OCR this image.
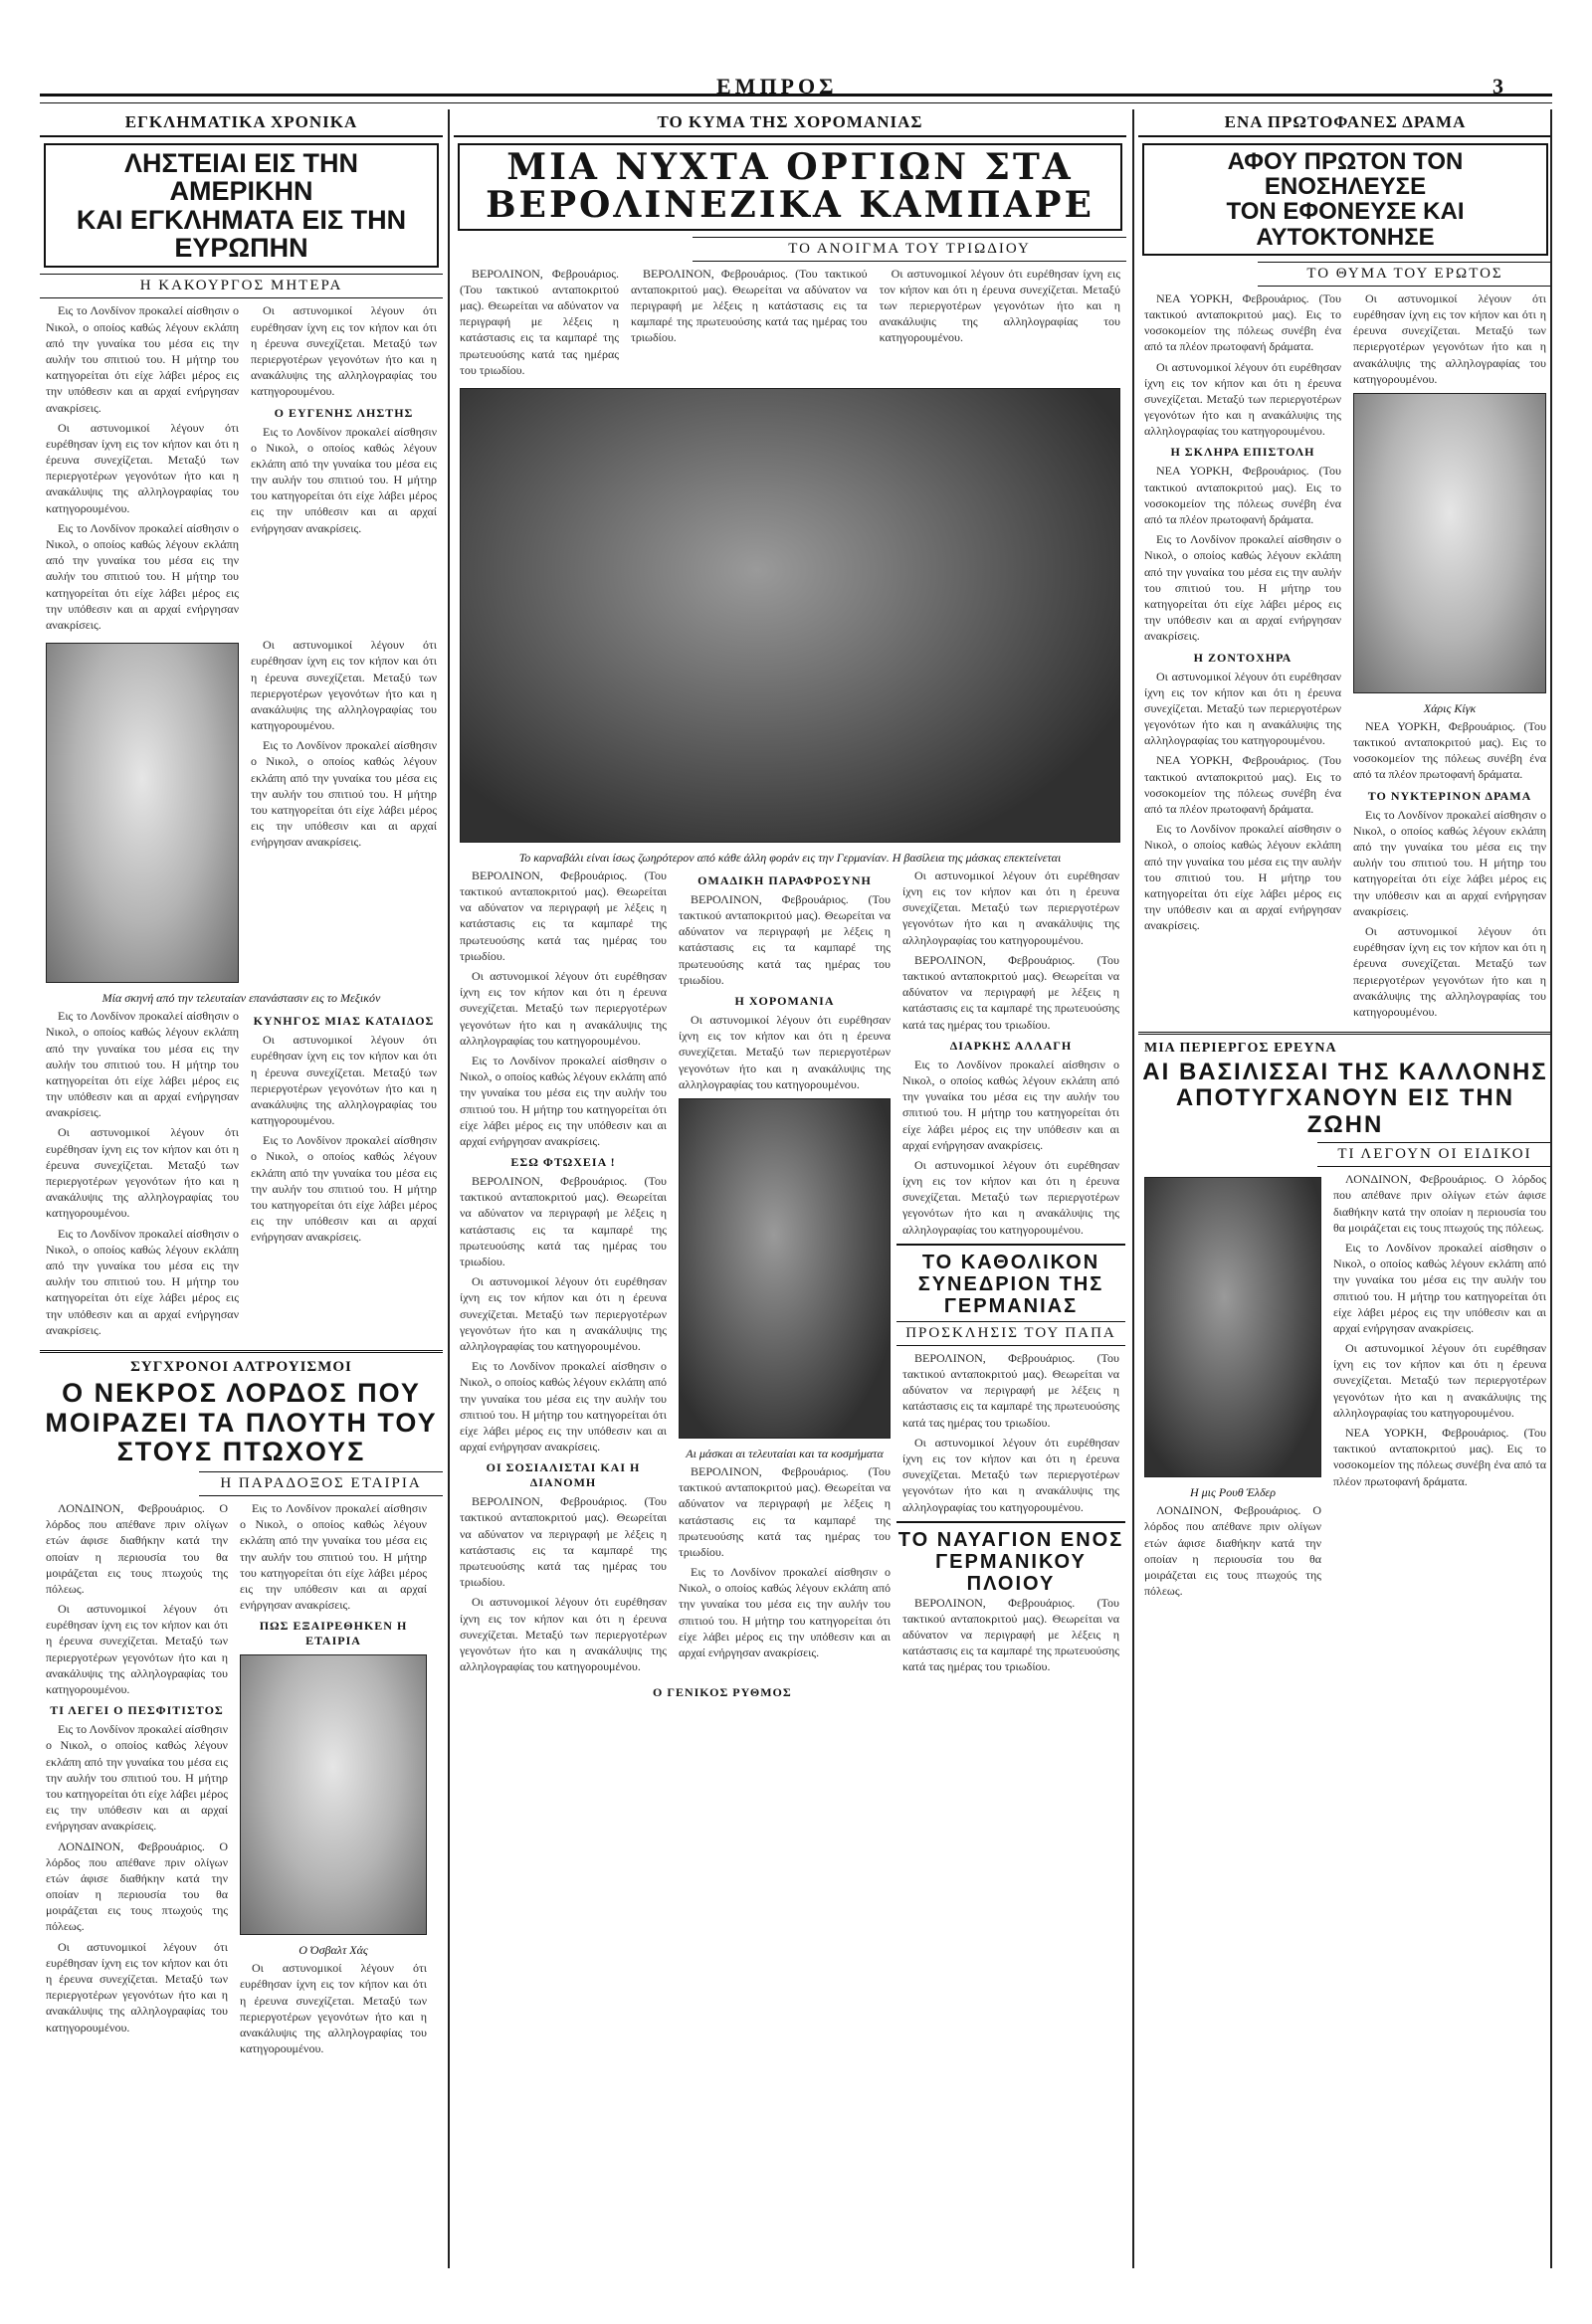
ΕΜΠΡΟΣ	3
ΕΓΚΛΗΜΑΤΙΚΑ ΧΡΟΝΙΚΑ
ΛΗΣΤΕΙΑΙ ΕΙΣ ΤΗΝ ΑΜΕΡΙΚΗΝ
ΚΑΙ ΕΓΚΛΗΜΑΤΑ ΕΙΣ ΤΗΝ ΕΥΡΩΠΗΝ
Η ΚΑΚΟΥΡΓΟΣ ΜΗΤΕΡΑ

Εις το Λονδίνον προκαλεί αίσθησιν ο Νικολ, ο οποίος καθώς λέγουν εκλάπη από την γυναίκα του μέσα εις την αυλήν του σπιτιού του. Η μήτηρ του κατηγορείται ότι είχε λάβει μέρος εις την υπόθεσιν και αι αρχαί ενήργησαν ανακρίσεις.

Οι αστυνομικοί λέγουν ότι ευρέθησαν ίχνη εις τον κήπον και ότι η έρευνα συνεχίζεται. Μεταξύ των περιεργοτέρων γεγονότων ήτο και η ανακάλυψις της αλληλογραφίας του κατηγορουμένου.

Εις το Λονδίνον προκαλεί αίσθησιν ο Νικολ, ο οποίος καθώς λέγουν εκλάπη από την γυναίκα του μέσα εις την αυλήν του σπιτιού του. Η μήτηρ του κατηγορείται ότι είχε λάβει μέρος εις την υπόθεσιν και αι αρχαί ενήργησαν ανακρίσεις.

Οι αστυνομικοί λέγουν ότι ευρέθησαν ίχνη εις τον κήπον και ότι η έρευνα συνεχίζεται. Μεταξύ των περιεργοτέρων γεγονότων ήτο και η ανακάλυψις της αλληλογραφίας του κατηγορουμένου.

Ο ΕΥΓΕΝΗΣ ΛΗΣΤΗΣ

Εις το Λονδίνον προκαλεί αίσθησιν ο Νικολ, ο οποίος καθώς λέγουν εκλάπη από την γυναίκα του μέσα εις την αυλήν του σπιτιού του. Η μήτηρ του κατηγορείται ότι είχε λάβει μέρος εις την υπόθεσιν και αι αρχαί ενήργησαν ανακρίσεις.

Οι αστυνομικοί λέγουν ότι ευρέθησαν ίχνη εις τον κήπον και ότι η έρευνα συνεχίζεται. Μεταξύ των περιεργοτέρων γεγονότων ήτο και η ανακάλυψις της αλληλογραφίας του κατηγορουμένου.

Εις το Λονδίνον προκαλεί αίσθησιν ο Νικολ, ο οποίος καθώς λέγουν εκλάπη από την γυναίκα του μέσα εις την αυλήν του σπιτιού του. Η μήτηρ του κατηγορείται ότι είχε λάβει μέρος εις την υπόθεσιν και αι αρχαί ενήργησαν ανακρίσεις.

Μία σκηνή από την τελευταίαν επανάστασιν εις το Μεξικόν

Εις το Λονδίνον προκαλεί αίσθησιν ο Νικολ, ο οποίος καθώς λέγουν εκλάπη από την γυναίκα του μέσα εις την αυλήν του σπιτιού του. Η μήτηρ του κατηγορείται ότι είχε λάβει μέρος εις την υπόθεσιν και αι αρχαί ενήργησαν ανακρίσεις.

Οι αστυνομικοί λέγουν ότι ευρέθησαν ίχνη εις τον κήπον και ότι η έρευνα συνεχίζεται. Μεταξύ των περιεργοτέρων γεγονότων ήτο και η ανακάλυψις της αλληλογραφίας του κατηγορουμένου.

Εις το Λονδίνον προκαλεί αίσθησιν ο Νικολ, ο οποίος καθώς λέγουν εκλάπη από την γυναίκα του μέσα εις την αυλήν του σπιτιού του. Η μήτηρ του κατηγορείται ότι είχε λάβει μέρος εις την υπόθεσιν και αι αρχαί ενήργησαν ανακρίσεις.

ΚΥΝΗΓΟΣ ΜΙΑΣ ΚΑΤΑΙΔΟΣ

Οι αστυνομικοί λέγουν ότι ευρέθησαν ίχνη εις τον κήπον και ότι η έρευνα συνεχίζεται. Μεταξύ των περιεργοτέρων γεγονότων ήτο και η ανακάλυψις της αλληλογραφίας του κατηγορουμένου.

Εις το Λονδίνον προκαλεί αίσθησιν ο Νικολ, ο οποίος καθώς λέγουν εκλάπη από την γυναίκα του μέσα εις την αυλήν του σπιτιού του. Η μήτηρ του κατηγορείται ότι είχε λάβει μέρος εις την υπόθεσιν και αι αρχαί ενήργησαν ανακρίσεις.

ΣΥΓΧΡΟΝΟΙ ΑΛΤΡΟΥΙΣΜΟΙ
Ο ΝΕΚΡΟΣ ΛΟΡΔΟΣ ΠΟΥ ΜΟΙΡΑΖΕΙ ΤΑ ΠΛΟΥΤΗ ΤΟΥ ΣΤΟΥΣ ΠΤΩΧΟΥΣ
Η ΠΑΡΑΔΟΞΟΣ ΕΤΑΙΡΙΑ

ΛΟΝΔΙΝΟΝ, Φεβρουάριος. Ο λόρδος που απέθανε πριν ολίγων ετών άφισε διαθήκην κατά την οποίαν η περιουσία του θα μοιράζεται εις τους πτωχούς της πόλεως.

Οι αστυνομικοί λέγουν ότι ευρέθησαν ίχνη εις τον κήπον και ότι η έρευνα συνεχίζεται. Μεταξύ των περιεργοτέρων γεγονότων ήτο και η ανακάλυψις της αλληλογραφίας του κατηγορουμένου.

ΤΙ ΛΕΓΕΙ Ο ΠΕΣΦΙΤΙΣΤΟΣ

Εις το Λονδίνον προκαλεί αίσθησιν ο Νικολ, ο οποίος καθώς λέγουν εκλάπη από την γυναίκα του μέσα εις την αυλήν του σπιτιού του. Η μήτηρ του κατηγορείται ότι είχε λάβει μέρος εις την υπόθεσιν και αι αρχαί ενήργησαν ανακρίσεις.

ΛΟΝΔΙΝΟΝ, Φεβρουάριος. Ο λόρδος που απέθανε πριν ολίγων ετών άφισε διαθήκην κατά την οποίαν η περιουσία του θα μοιράζεται εις τους πτωχούς της πόλεως.

Οι αστυνομικοί λέγουν ότι ευρέθησαν ίχνη εις τον κήπον και ότι η έρευνα συνεχίζεται. Μεταξύ των περιεργοτέρων γεγονότων ήτο και η ανακάλυψις της αλληλογραφίας του κατηγορουμένου.

Εις το Λονδίνον προκαλεί αίσθησιν ο Νικολ, ο οποίος καθώς λέγουν εκλάπη από την γυναίκα του μέσα εις την αυλήν του σπιτιού του. Η μήτηρ του κατηγορείται ότι είχε λάβει μέρος εις την υπόθεσιν και αι αρχαί ενήργησαν ανακρίσεις.

ΠΩΣ ΕΞΑΙΡΕΘΗΚΕΝ Η ΕΤΑΙΡΙΑ
Ο Όσβαλτ Χάς

Οι αστυνομικοί λέγουν ότι ευρέθησαν ίχνη εις τον κήπον και ότι η έρευνα συνεχίζεται. Μεταξύ των περιεργοτέρων γεγονότων ήτο και η ανακάλυψις της αλληλογραφίας του κατηγορουμένου.

ΤΟ ΚΥΜΑ ΤΗΣ ΧΟΡΟΜΑΝΙΑΣ
ΜΙΑ ΝΥΧΤΑ ΟΡΓΙΩΝ ΣΤΑ
ΒΕΡΟΛΙΝΕΖΙΚΑ ΚΑΜΠΑΡΕ
ΤΟ ΑΝΟΙΓΜΑ ΤΟΥ ΤΡΙΩΔΙΟΥ

ΒΕΡΟΛΙΝΟΝ, Φεβρουάριος. (Του τακτικού ανταποκριτού μας). Θεωρείται να αδύνατον να περιγραφή με λέξεις η κατάστασις εις τα καμπαρέ της πρωτευούσης κατά τας ημέρας του τριωδίου.

ΒΕΡΟΛΙΝΟΝ, Φεβρουάριος. (Του τακτικού ανταποκριτού μας). Θεωρείται να αδύνατον να περιγραφή με λέξεις η κατάστασις εις τα καμπαρέ της πρωτευούσης κατά τας ημέρας του τριωδίου.

Οι αστυνομικοί λέγουν ότι ευρέθησαν ίχνη εις τον κήπον και ότι η έρευνα συνεχίζεται. Μεταξύ των περιεργοτέρων γεγονότων ήτο και η ανακάλυψις της αλληλογραφίας του κατηγορουμένου.

Το καρναβάλι είναι ίσως ζωηρότερον από κάθε άλλη φοράν εις την Γερμανίαν. Η βασίλεια της μάσκας επεκτείνεται

ΒΕΡΟΛΙΝΟΝ, Φεβρουάριος. (Του τακτικού ανταποκριτού μας). Θεωρείται να αδύνατον να περιγραφή με λέξεις η κατάστασις εις τα καμπαρέ της πρωτευούσης κατά τας ημέρας του τριωδίου.

Οι αστυνομικοί λέγουν ότι ευρέθησαν ίχνη εις τον κήπον και ότι η έρευνα συνεχίζεται. Μεταξύ των περιεργοτέρων γεγονότων ήτο και η ανακάλυψις της αλληλογραφίας του κατηγορουμένου.

Εις το Λονδίνον προκαλεί αίσθησιν ο Νικολ, ο οποίος καθώς λέγουν εκλάπη από την γυναίκα του μέσα εις την αυλήν του σπιτιού του. Η μήτηρ του κατηγορείται ότι είχε λάβει μέρος εις την υπόθεσιν και αι αρχαί ενήργησαν ανακρίσεις.

ΕΣΩ ΦΤΩΧΕΙΑ !

ΒΕΡΟΛΙΝΟΝ, Φεβρουάριος. (Του τακτικού ανταποκριτού μας). Θεωρείται να αδύνατον να περιγραφή με λέξεις η κατάστασις εις τα καμπαρέ της πρωτευούσης κατά τας ημέρας του τριωδίου.

Οι αστυνομικοί λέγουν ότι ευρέθησαν ίχνη εις τον κήπον και ότι η έρευνα συνεχίζεται. Μεταξύ των περιεργοτέρων γεγονότων ήτο και η ανακάλυψις της αλληλογραφίας του κατηγορουμένου.

Εις το Λονδίνον προκαλεί αίσθησιν ο Νικολ, ο οποίος καθώς λέγουν εκλάπη από την γυναίκα του μέσα εις την αυλήν του σπιτιού του. Η μήτηρ του κατηγορείται ότι είχε λάβει μέρος εις την υπόθεσιν και αι αρχαί ενήργησαν ανακρίσεις.

ΟΙ ΣΟΣΙΑΛΙΣΤΑΙ ΚΑΙ Η ΔΙΑΝΟΜΗ

ΒΕΡΟΛΙΝΟΝ, Φεβρουάριος. (Του τακτικού ανταποκριτού μας). Θεωρείται να αδύνατον να περιγραφή με λέξεις η κατάστασις εις τα καμπαρέ της πρωτευούσης κατά τας ημέρας του τριωδίου.

Οι αστυνομικοί λέγουν ότι ευρέθησαν ίχνη εις τον κήπον και ότι η έρευνα συνεχίζεται. Μεταξύ των περιεργοτέρων γεγονότων ήτο και η ανακάλυψις της αλληλογραφίας του κατηγορουμένου.

ΟΜΑΔΙΚΗ ΠΑΡΑΦΡΟΣΥΝΗ

ΒΕΡΟΛΙΝΟΝ, Φεβρουάριος. (Του τακτικού ανταποκριτού μας). Θεωρείται να αδύνατον να περιγραφή με λέξεις η κατάστασις εις τα καμπαρέ της πρωτευούσης κατά τας ημέρας του τριωδίου.

Η ΧΟΡΟΜΑΝΙΑ

Οι αστυνομικοί λέγουν ότι ευρέθησαν ίχνη εις τον κήπον και ότι η έρευνα συνεχίζεται. Μεταξύ των περιεργοτέρων γεγονότων ήτο και η ανακάλυψις της αλληλογραφίας του κατηγορουμένου.

Αι μάσκαι αι τελευταίαι και τα κοσμήματα

ΒΕΡΟΛΙΝΟΝ, Φεβρουάριος. (Του τακτικού ανταποκριτού μας). Θεωρείται να αδύνατον να περιγραφή με λέξεις η κατάστασις εις τα καμπαρέ της πρωτευούσης κατά τας ημέρας του τριωδίου.

Εις το Λονδίνον προκαλεί αίσθησιν ο Νικολ, ο οποίος καθώς λέγουν εκλάπη από την γυναίκα του μέσα εις την αυλήν του σπιτιού του. Η μήτηρ του κατηγορείται ότι είχε λάβει μέρος εις την υπόθεσιν και αι αρχαί ενήργησαν ανακρίσεις.

Οι αστυνομικοί λέγουν ότι ευρέθησαν ίχνη εις τον κήπον και ότι η έρευνα συνεχίζεται. Μεταξύ των περιεργοτέρων γεγονότων ήτο και η ανακάλυψις της αλληλογραφίας του κατηγορουμένου.

ΒΕΡΟΛΙΝΟΝ, Φεβρουάριος. (Του τακτικού ανταποκριτού μας). Θεωρείται να αδύνατον να περιγραφή με λέξεις η κατάστασις εις τα καμπαρέ της πρωτευούσης κατά τας ημέρας του τριωδίου.

ΔΙΑΡΚΗΣ ΑΛΛΑΓΗ

Εις το Λονδίνον προκαλεί αίσθησιν ο Νικολ, ο οποίος καθώς λέγουν εκλάπη από την γυναίκα του μέσα εις την αυλήν του σπιτιού του. Η μήτηρ του κατηγορείται ότι είχε λάβει μέρος εις την υπόθεσιν και αι αρχαί ενήργησαν ανακρίσεις.

Οι αστυνομικοί λέγουν ότι ευρέθησαν ίχνη εις τον κήπον και ότι η έρευνα συνεχίζεται. Μεταξύ των περιεργοτέρων γεγονότων ήτο και η ανακάλυψις της αλληλογραφίας του κατηγορουμένου.

ΤΟ ΚΑΘΟΛΙΚΟΝ ΣΥΝΕΔΡΙΟΝ ΤΗΣ ΓΕΡΜΑΝΙΑΣ
ΠΡΟΣΚΛΗΣΙΣ ΤΟΥ ΠΑΠΑ

ΒΕΡΟΛΙΝΟΝ, Φεβρουάριος. (Του τακτικού ανταποκριτού μας). Θεωρείται να αδύνατον να περιγραφή με λέξεις η κατάστασις εις τα καμπαρέ της πρωτευούσης κατά τας ημέρας του τριωδίου.

Οι αστυνομικοί λέγουν ότι ευρέθησαν ίχνη εις τον κήπον και ότι η έρευνα συνεχίζεται. Μεταξύ των περιεργοτέρων γεγονότων ήτο και η ανακάλυψις της αλληλογραφίας του κατηγορουμένου.

ΤΟ ΝΑΥΑΓΙΟΝ ΕΝΟΣ ΓΕΡΜΑΝΙΚΟΥ ΠΛΟΙΟΥ

ΒΕΡΟΛΙΝΟΝ, Φεβρουάριος. (Του τακτικού ανταποκριτού μας). Θεωρείται να αδύνατον να περιγραφή με λέξεις η κατάστασις εις τα καμπαρέ της πρωτευούσης κατά τας ημέρας του τριωδίου.

Ο ΓΕΝΙΚΟΣ ΡΥΘΜΟΣ
ΕΝΑ ΠΡΩΤΟΦΑΝΕΣ ΔΡΑΜΑ
ΑΦΟΥ ΠΡΩΤΟΝ ΤΟΝ ΕΝΟΣΗΛΕΥΣΕ
ΤΟΝ ΕΦΟΝΕΥΣΕ ΚΑΙ ΑΥΤΟΚΤΟΝΗΣΕ
ΤΟ ΘΥΜΑ ΤΟΥ ΕΡΩΤΟΣ

ΝΕΑ ΥΟΡΚΗ, Φεβρουάριος. (Του τακτικού ανταποκριτού μας). Εις το νοσοκομείον της πόλεως συνέβη ένα από τα πλέον πρωτοφανή δράματα.

Οι αστυνομικοί λέγουν ότι ευρέθησαν ίχνη εις τον κήπον και ότι η έρευνα συνεχίζεται. Μεταξύ των περιεργοτέρων γεγονότων ήτο και η ανακάλυψις της αλληλογραφίας του κατηγορουμένου.

Η ΣΚΛΗΡΑ ΕΠΙΣΤΟΛΗ

ΝΕΑ ΥΟΡΚΗ, Φεβρουάριος. (Του τακτικού ανταποκριτού μας). Εις το νοσοκομείον της πόλεως συνέβη ένα από τα πλέον πρωτοφανή δράματα.

Εις το Λονδίνον προκαλεί αίσθησιν ο Νικολ, ο οποίος καθώς λέγουν εκλάπη από την γυναίκα του μέσα εις την αυλήν του σπιτιού του. Η μήτηρ του κατηγορείται ότι είχε λάβει μέρος εις την υπόθεσιν και αι αρχαί ενήργησαν ανακρίσεις.

Η ΖΟΝΤΟΧΗΡΑ

Οι αστυνομικοί λέγουν ότι ευρέθησαν ίχνη εις τον κήπον και ότι η έρευνα συνεχίζεται. Μεταξύ των περιεργοτέρων γεγονότων ήτο και η ανακάλυψις της αλληλογραφίας του κατηγορουμένου.

ΝΕΑ ΥΟΡΚΗ, Φεβρουάριος. (Του τακτικού ανταποκριτού μας). Εις το νοσοκομείον της πόλεως συνέβη ένα από τα πλέον πρωτοφανή δράματα.

Εις το Λονδίνον προκαλεί αίσθησιν ο Νικολ, ο οποίος καθώς λέγουν εκλάπη από την γυναίκα του μέσα εις την αυλήν του σπιτιού του. Η μήτηρ του κατηγορείται ότι είχε λάβει μέρος εις την υπόθεσιν και αι αρχαί ενήργησαν ανακρίσεις.

Οι αστυνομικοί λέγουν ότι ευρέθησαν ίχνη εις τον κήπον και ότι η έρευνα συνεχίζεται. Μεταξύ των περιεργοτέρων γεγονότων ήτο και η ανακάλυψις της αλληλογραφίας του κατηγορουμένου.

Χάρις Κίγκ

ΝΕΑ ΥΟΡΚΗ, Φεβρουάριος. (Του τακτικού ανταποκριτού μας). Εις το νοσοκομείον της πόλεως συνέβη ένα από τα πλέον πρωτοφανή δράματα.

ΤΟ ΝΥΚΤΕΡΙΝΟΝ ΔΡΑΜΑ

Εις το Λονδίνον προκαλεί αίσθησιν ο Νικολ, ο οποίος καθώς λέγουν εκλάπη από την γυναίκα του μέσα εις την αυλήν του σπιτιού του. Η μήτηρ του κατηγορείται ότι είχε λάβει μέρος εις την υπόθεσιν και αι αρχαί ενήργησαν ανακρίσεις.

Οι αστυνομικοί λέγουν ότι ευρέθησαν ίχνη εις τον κήπον και ότι η έρευνα συνεχίζεται. Μεταξύ των περιεργοτέρων γεγονότων ήτο και η ανακάλυψις της αλληλογραφίας του κατηγορουμένου.

ΜΙΑ ΠΕΡΙΕΡΓΟΣ ΕΡΕΥΝΑ
ΑΙ ΒΑΣΙΛΙΣΣΑΙ ΤΗΣ ΚΑΛΛΟΝΗΣ
ΑΠΟΤΥΓΧΑΝΟΥΝ ΕΙΣ ΤΗΝ ΖΩΗΝ
ΤΙ ΛΕΓΟΥΝ ΟΙ ΕΙΔΙΚΟΙ
Η μις Ρουθ Έλδερ

ΛΟΝΔΙΝΟΝ, Φεβρουάριος. Ο λόρδος που απέθανε πριν ολίγων ετών άφισε διαθήκην κατά την οποίαν η περιουσία του θα μοιράζεται εις τους πτωχούς της πόλεως.

ΛΟΝΔΙΝΟΝ, Φεβρουάριος. Ο λόρδος που απέθανε πριν ολίγων ετών άφισε διαθήκην κατά την οποίαν η περιουσία του θα μοιράζεται εις τους πτωχούς της πόλεως.

Εις το Λονδίνον προκαλεί αίσθησιν ο Νικολ, ο οποίος καθώς λέγουν εκλάπη από την γυναίκα του μέσα εις την αυλήν του σπιτιού του. Η μήτηρ του κατηγορείται ότι είχε λάβει μέρος εις την υπόθεσιν και αι αρχαί ενήργησαν ανακρίσεις.

Οι αστυνομικοί λέγουν ότι ευρέθησαν ίχνη εις τον κήπον και ότι η έρευνα συνεχίζεται. Μεταξύ των περιεργοτέρων γεγονότων ήτο και η ανακάλυψις της αλληλογραφίας του κατηγορουμένου.

ΝΕΑ ΥΟΡΚΗ, Φεβρουάριος. (Του τακτικού ανταποκριτού μας). Εις το νοσοκομείον της πόλεως συνέβη ένα από τα πλέον πρωτοφανή δράματα.
